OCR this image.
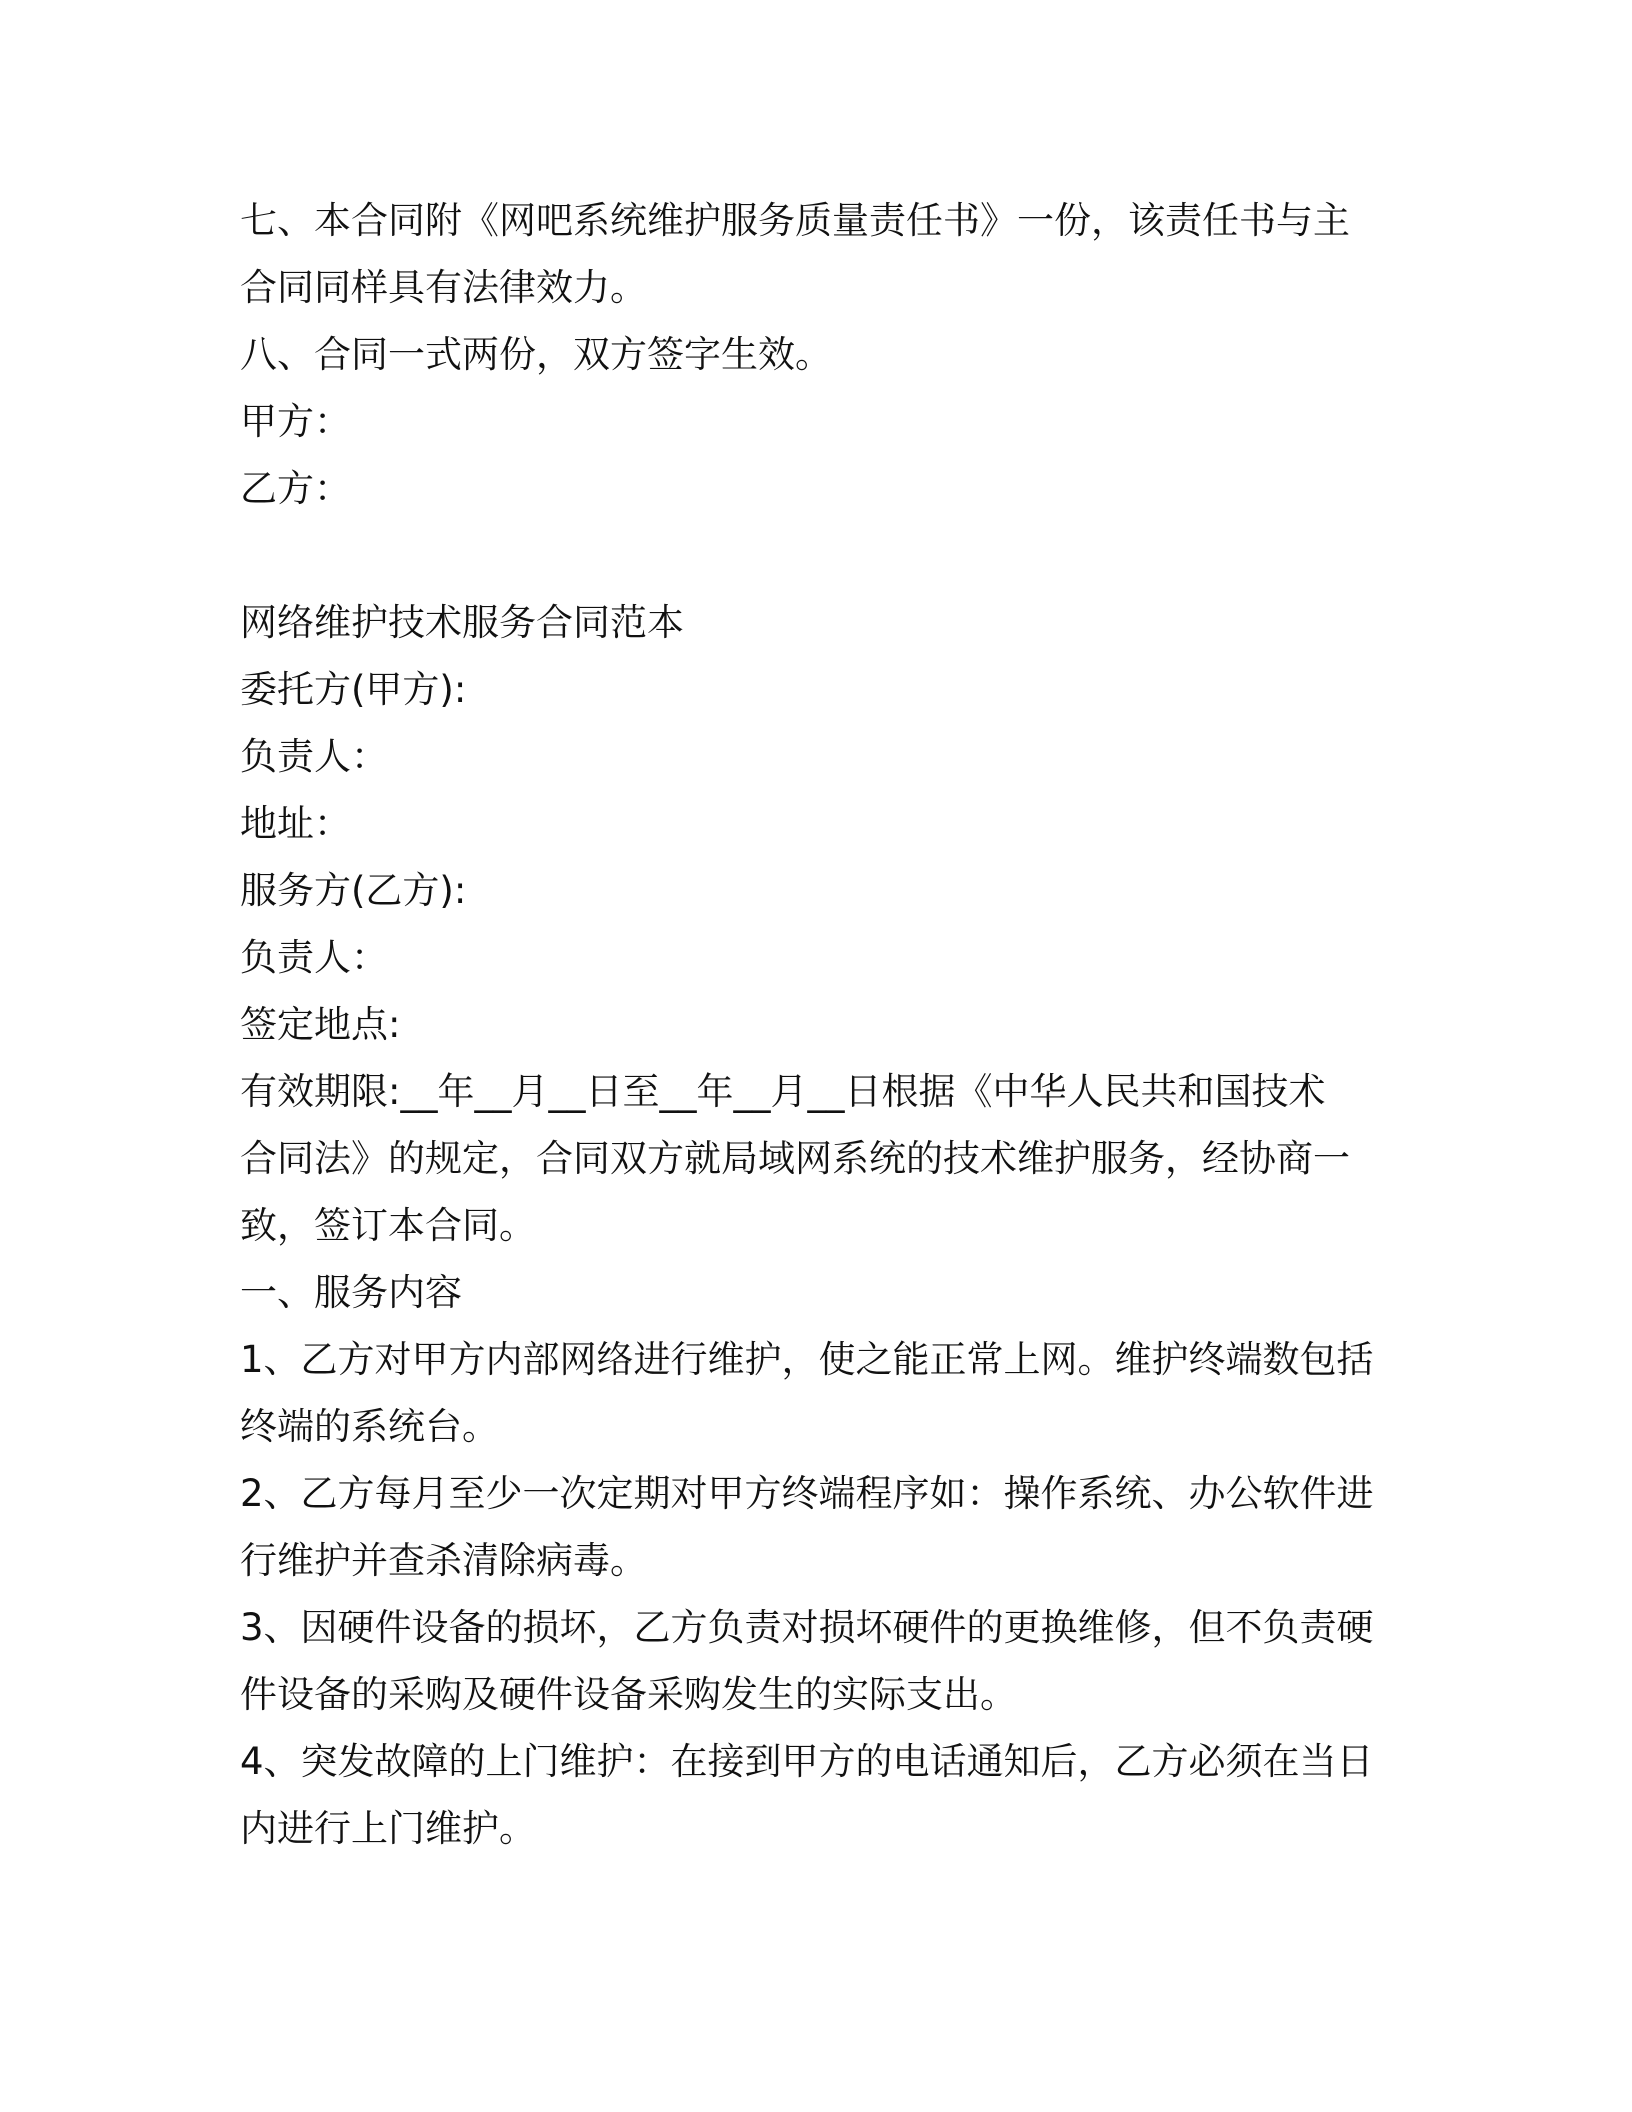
七、本合同附《网吧系统维护服务质量责任书》一份，该责任书与主

合同同样具有法律效力。

八、合同一式两份，双方签字生效。

甲方：

乙方：

网络维护技术服务合同范本

委托方(甲方):

负责人：

地址：

服务方(乙方):

负责人：

签定地点:

有效期限:__年__月__日至__年__月__日根据《中华人民共和国技术

合同法》的规定，合同双方就局域网系统的技术维护服务，经协商一

致，签订本合同。

一、服务内容

1、乙方对甲方内部网络进行维护，使之能正常上网。维护终端数包括

终端的系统台。

2、乙方每月至少一次定期对甲方终端程序如：操作系统、办公软件进

行维护并查杀清除病毒。

3、因硬件设备的损坏，乙方负责对损坏硬件的更换维修，但不负责硬

件设备的采购及硬件设备采购发生的实际支出。

4、突发故障的上门维护：在接到甲方的电话通知后，乙方必须在当日

内进行上门维护。
